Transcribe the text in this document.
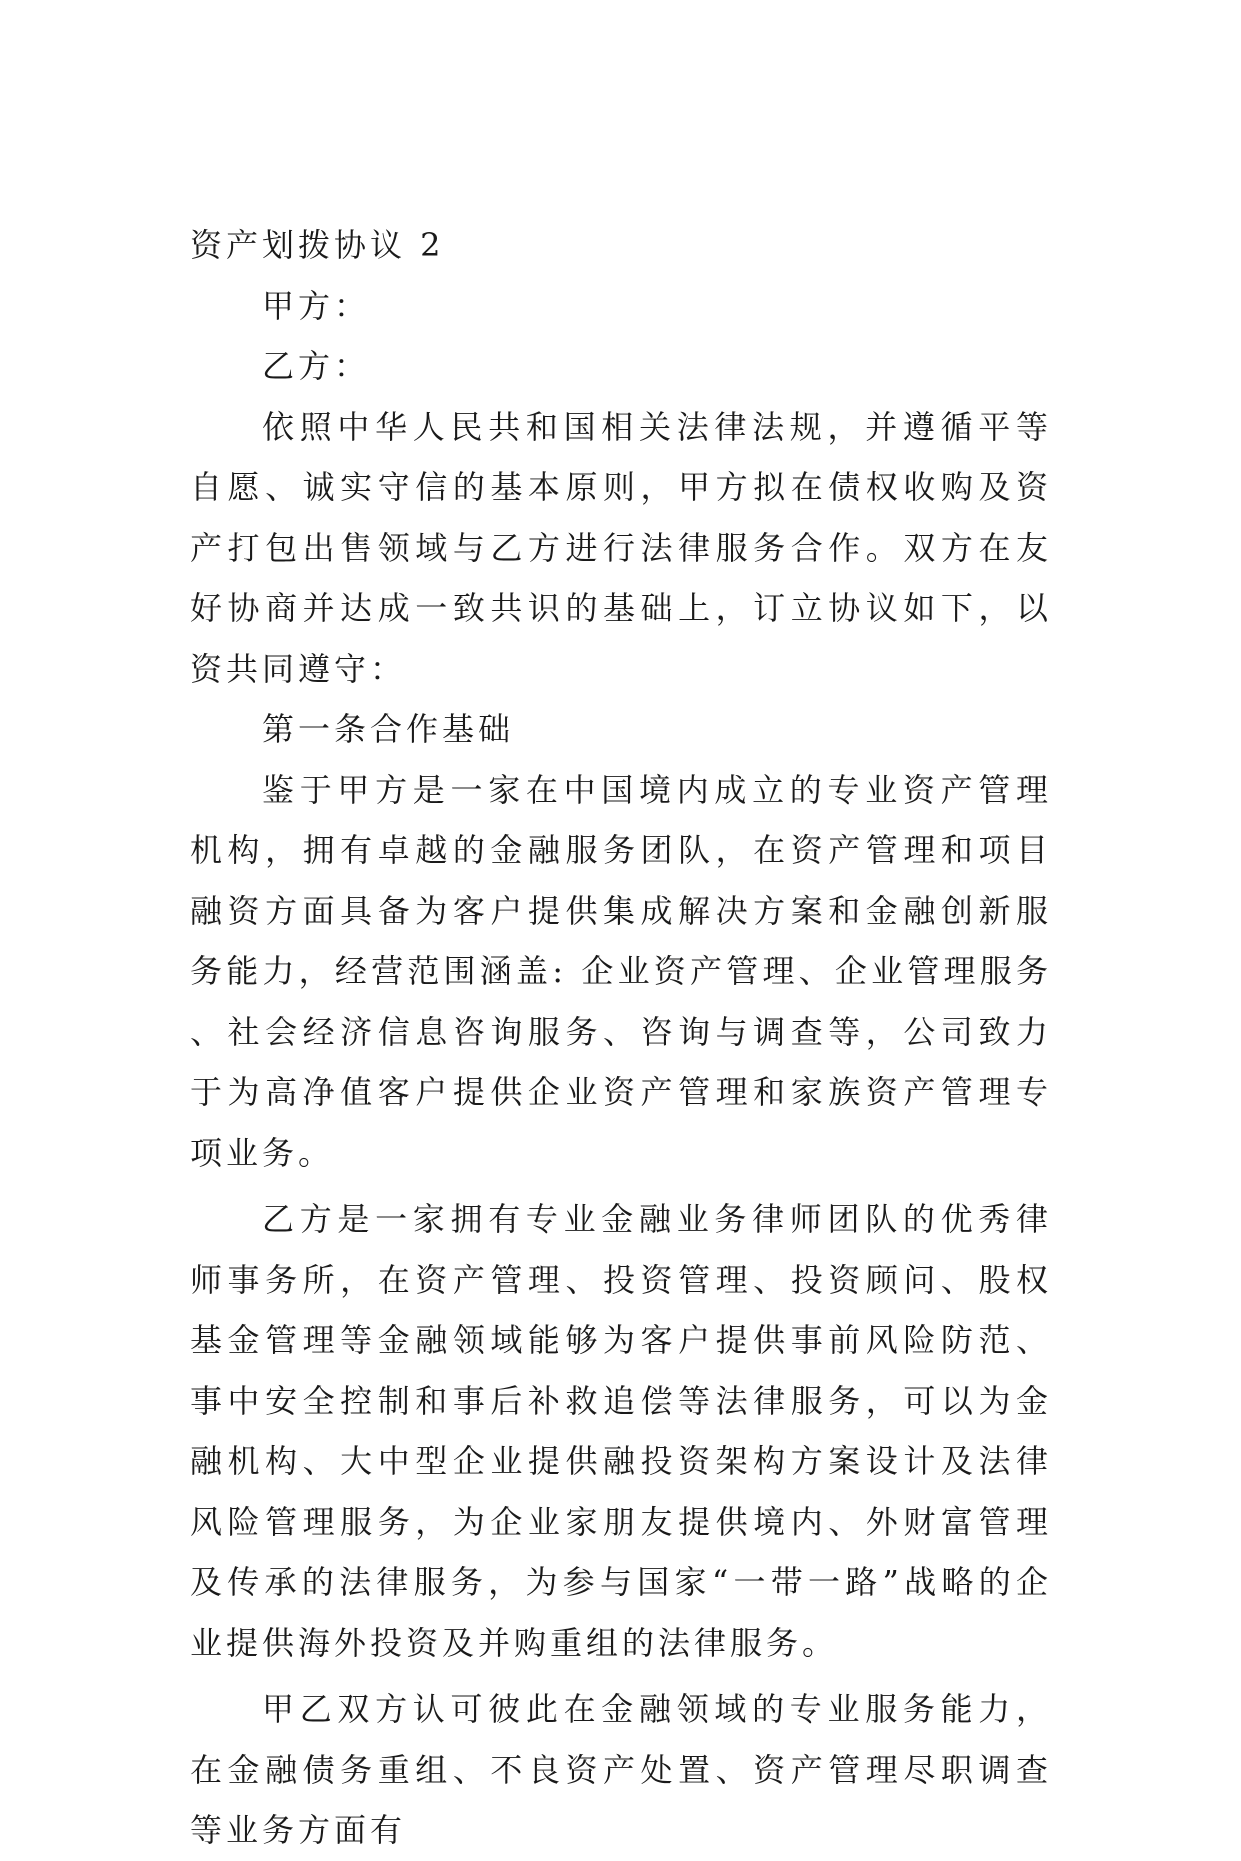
资产划拨协议 2

甲方：

乙方：

依照中华人民共和国相关法律法规，并遵循平等自愿、诚实守信的基本原则，甲方拟在债权收购及资产打包出售领域与乙方进行法律服务合作。双方在友好协商并达成一致共识的基础上，订立协议如下，以资共同遵守：

第一条合作基础

鉴于甲方是一家在中国境内成立的专业资产管理机构，拥有卓越的金融服务团队，在资产管理和项目融资方面具备为客户提供集成解决方案和金融创新服务能力，经营范围涵盖: 企业资产管理、企业管理服务、社会经济信息咨询服务、咨询与调查等，公司致力于为高净值客户提供企业资产管理和家族资产管理专项业务。

乙方是一家拥有专业金融业务律师团队的优秀律师事务所，在资产管理、投资管理、投资顾问、股权基金管理等金融领域能够为客户提供事前风险防范、事中安全控制和事后补救追偿等法律服务，可以为金融机构、大中型企业提供融投资架构方案设计及法律风险管理服务，为企业家朋友提供境内、外财富管理及传承的法律服务，为参与国家“一带一路”战略的企业提供海外投资及并购重组的法律服务。

甲乙双方认可彼此在金融领域的专业服务能力，在金融债务重组、不良资产处置、资产管理尽职调查等业务方面有
